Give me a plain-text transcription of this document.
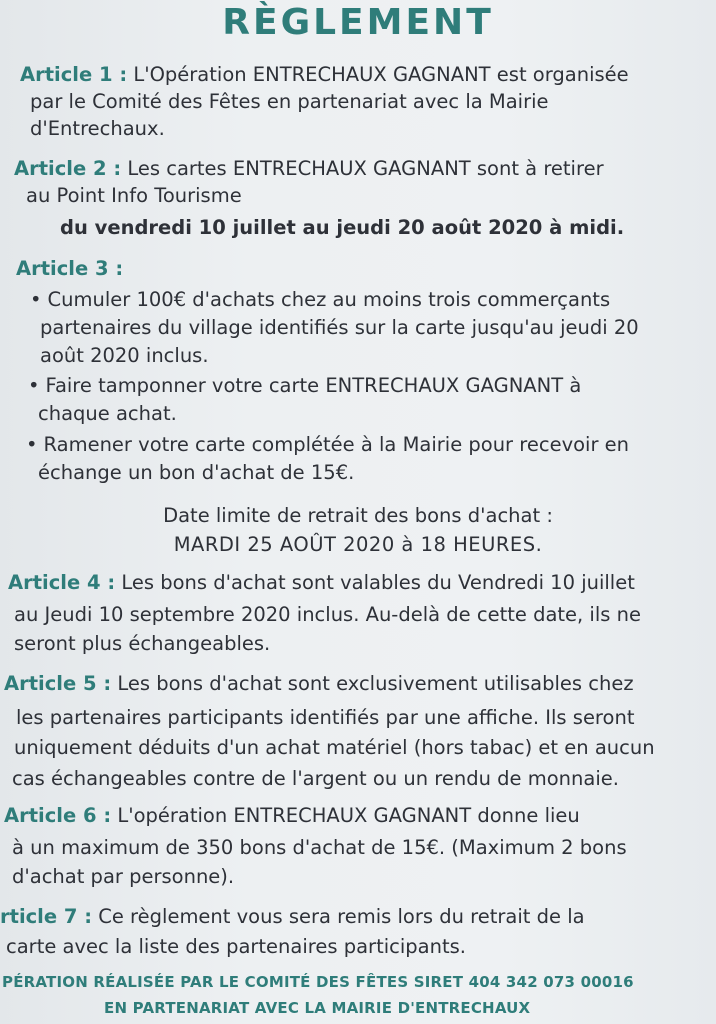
RÈGLEMENT
Article 1 : L'Opération ENTRECHAUX GAGNANT est organisée
par le Comité des Fêtes en partenariat avec la Mairie
d'Entrechaux.
Article 2 : Les cartes ENTRECHAUX GAGNANT sont à retirer
au Point Info Tourisme
du vendredi 10 juillet au jeudi 20 août 2020 à midi.
Article 3 :
• Cumuler 100€ d'achats chez au moins trois commerçants
partenaires du village identifiés sur la carte jusqu'au jeudi 20
août 2020 inclus.
• Faire tamponner votre carte ENTRECHAUX GAGNANT à
chaque achat.
• Ramener votre carte complétée à la Mairie pour recevoir en
échange un bon d'achat de 15€.
Date limite de retrait des bons d'achat :
MARDI 25 AOÛT 2020 à 18 HEURES.
Article 4 : Les bons d'achat sont valables du Vendredi 10 juillet
au Jeudi 10 septembre 2020 inclus. Au-delà de cette date, ils ne
seront plus échangeables.
Article 5 : Les bons d'achat sont exclusivement utilisables chez
les partenaires participants identifiés par une affiche. Ils seront
uniquement déduits d'un achat matériel (hors tabac) et en aucun
cas échangeables contre de l'argent ou un rendu de monnaie.
Article 6 : L'opération ENTRECHAUX GAGNANT donne lieu
à un maximum de 350 bons d'achat de 15€. (Maximum 2 bons
d'achat par personne).
rticle 7 : Ce règlement vous sera remis lors du retrait de la
carte avec la liste des partenaires participants.
PÉRATION RÉALISÉE PAR LE COMITÉ DES FÊTES SIRET 404 342 073 00016
EN PARTENARIAT AVEC LA MAIRIE D'ENTRECHAUX
